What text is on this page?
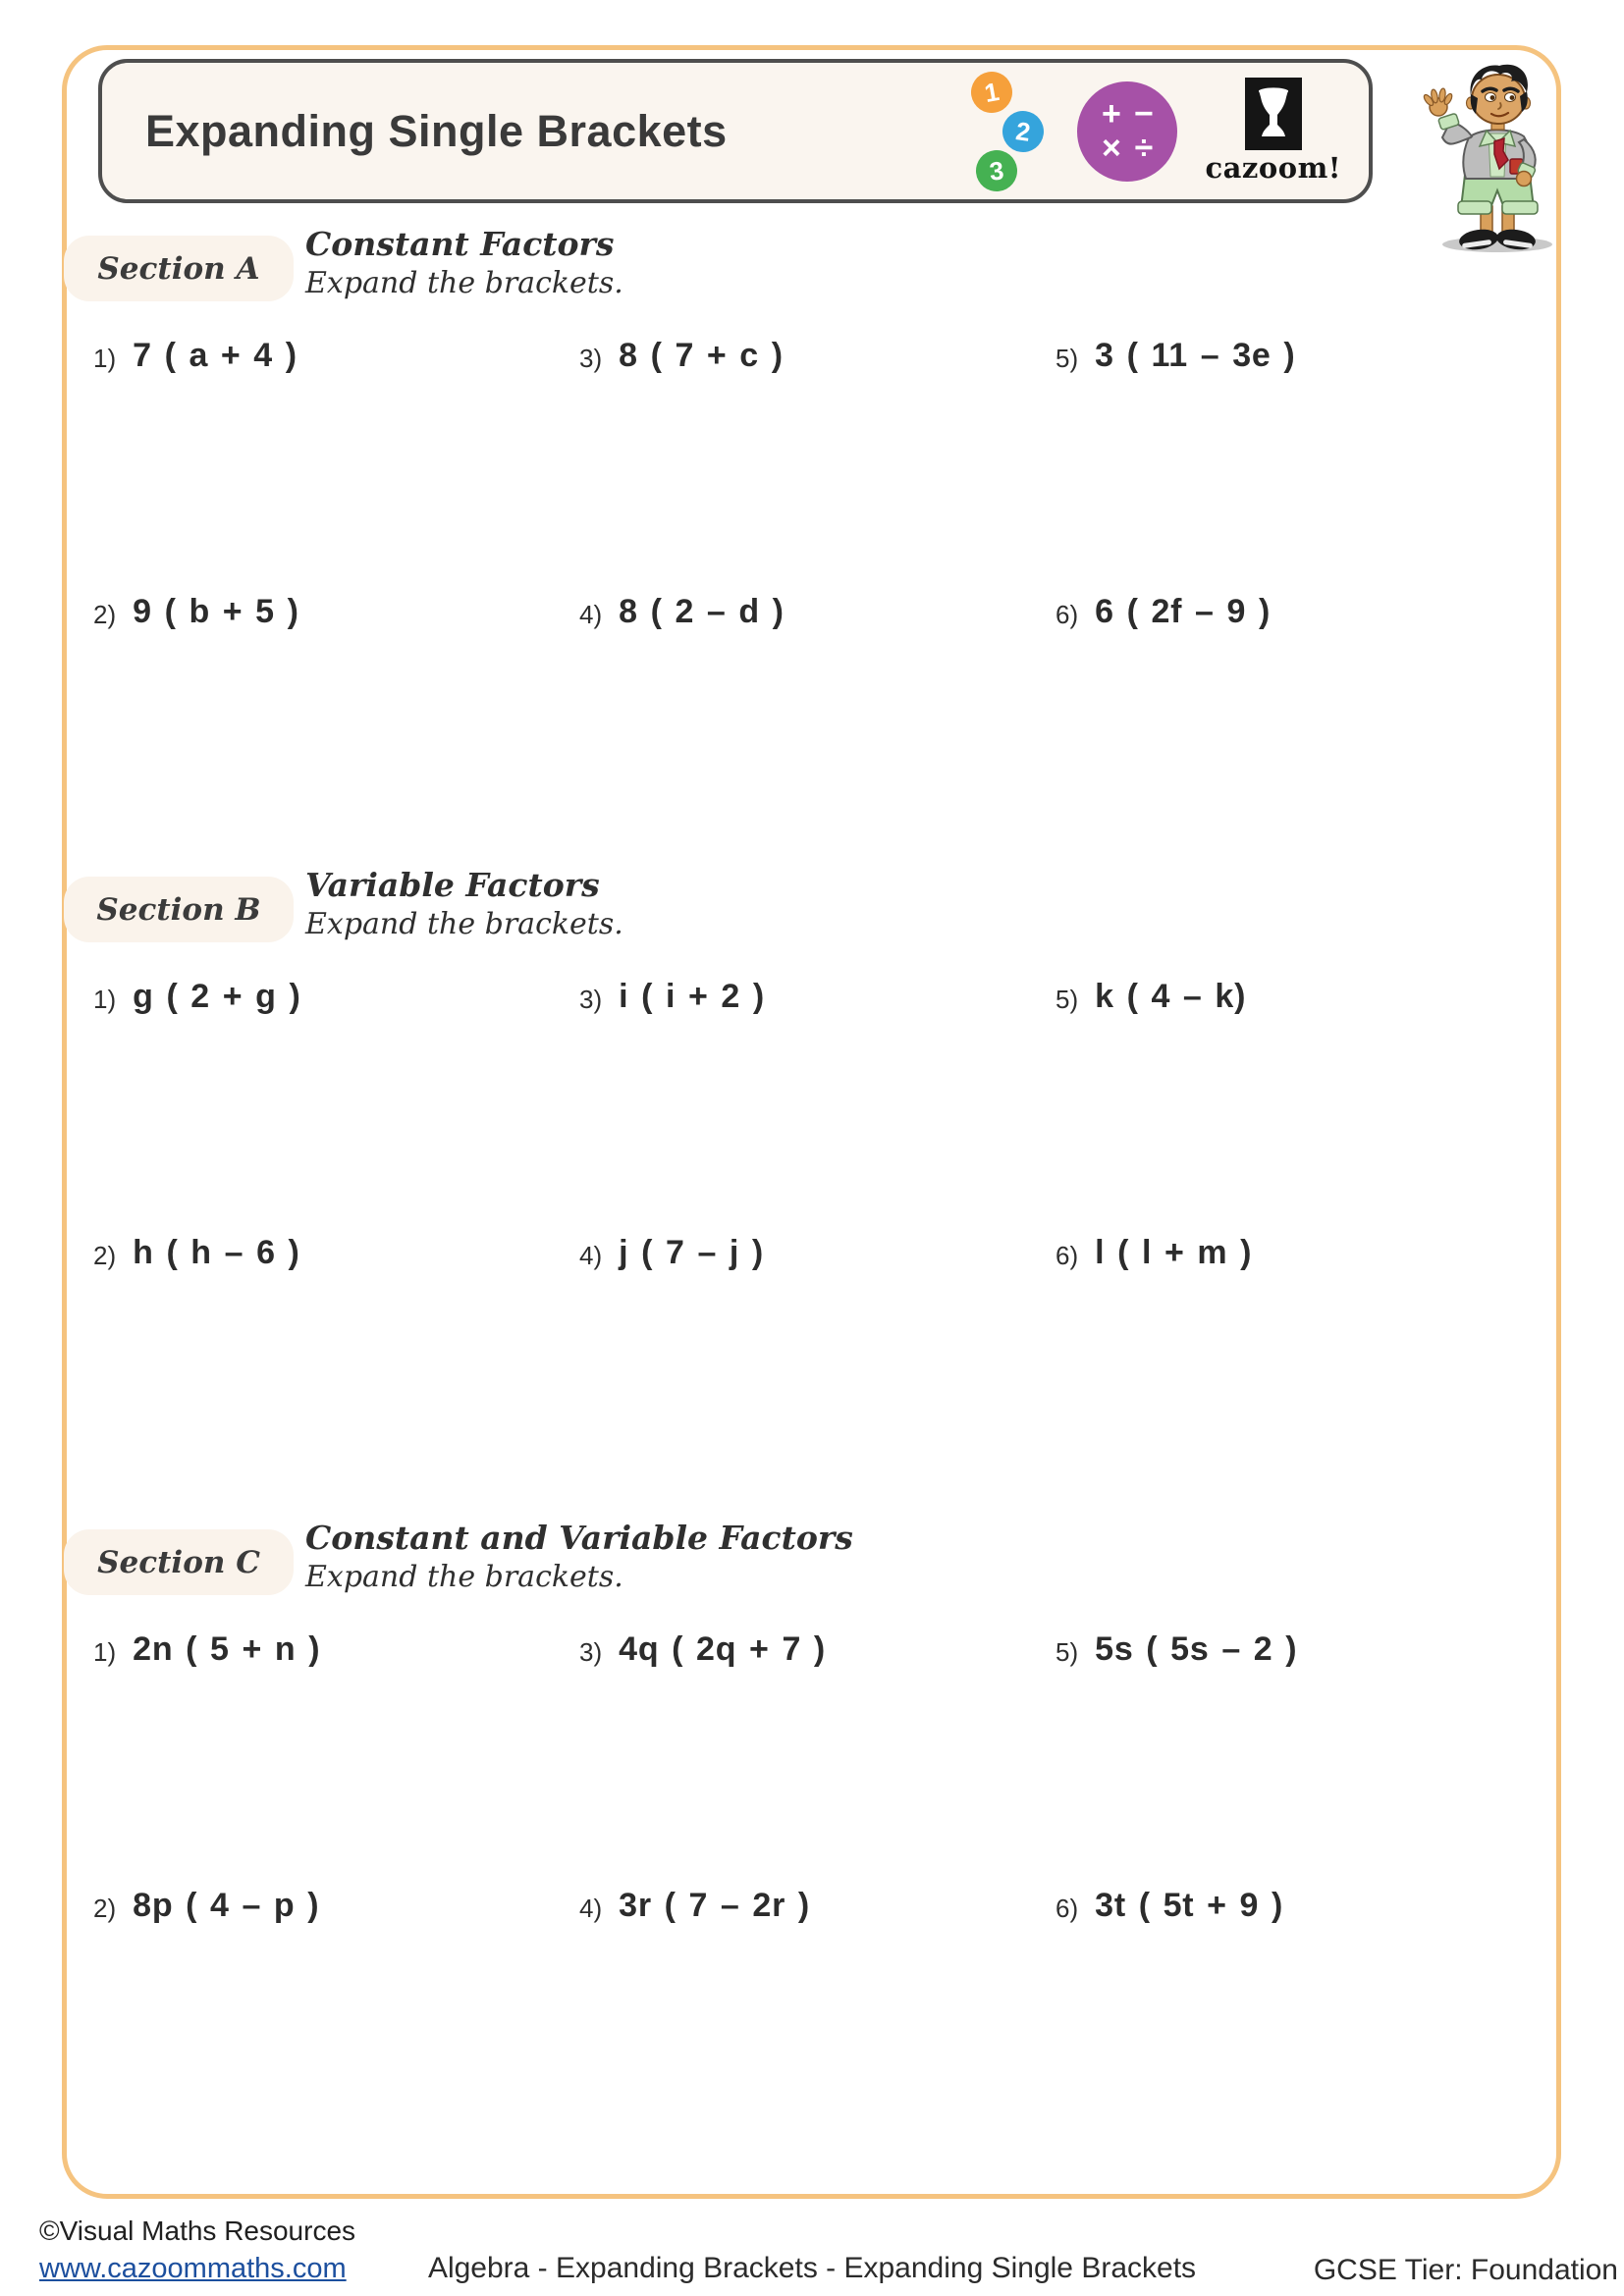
Expanding Single Brackets
1
2
3
+ −
× ÷
cazoom!
Section A
Constant Factors
Expand the brackets.
1) 7 ( a + 4 )	3) 8 ( 7 + c )	5) 3 ( 11 – 3e )
2) 9 ( b + 5 )	4) 8 ( 2 – d )	6) 6 ( 2f – 9 )
Section B
Variable Factors
Expand the brackets.
1) g ( 2 + g )	3) i ( i + 2 )	5) k ( 4 – k)
2) h ( h – 6 )	4) j ( 7 – j )	6) l ( l + m )
Section C
Constant and Variable Factors
Expand the brackets.
1) 2n ( 5 + n )	3) 4q ( 2q + 7 )	5) 5s ( 5s – 2 )
2) 8p ( 4 – p )	4) 3r ( 7 – 2r )	6) 3t ( 5t + 9 )
©Visual Maths Resources
www.cazoommaths.com	Algebra - Expanding Brackets - Expanding Single Brackets	GCSE Tier: Foundation
